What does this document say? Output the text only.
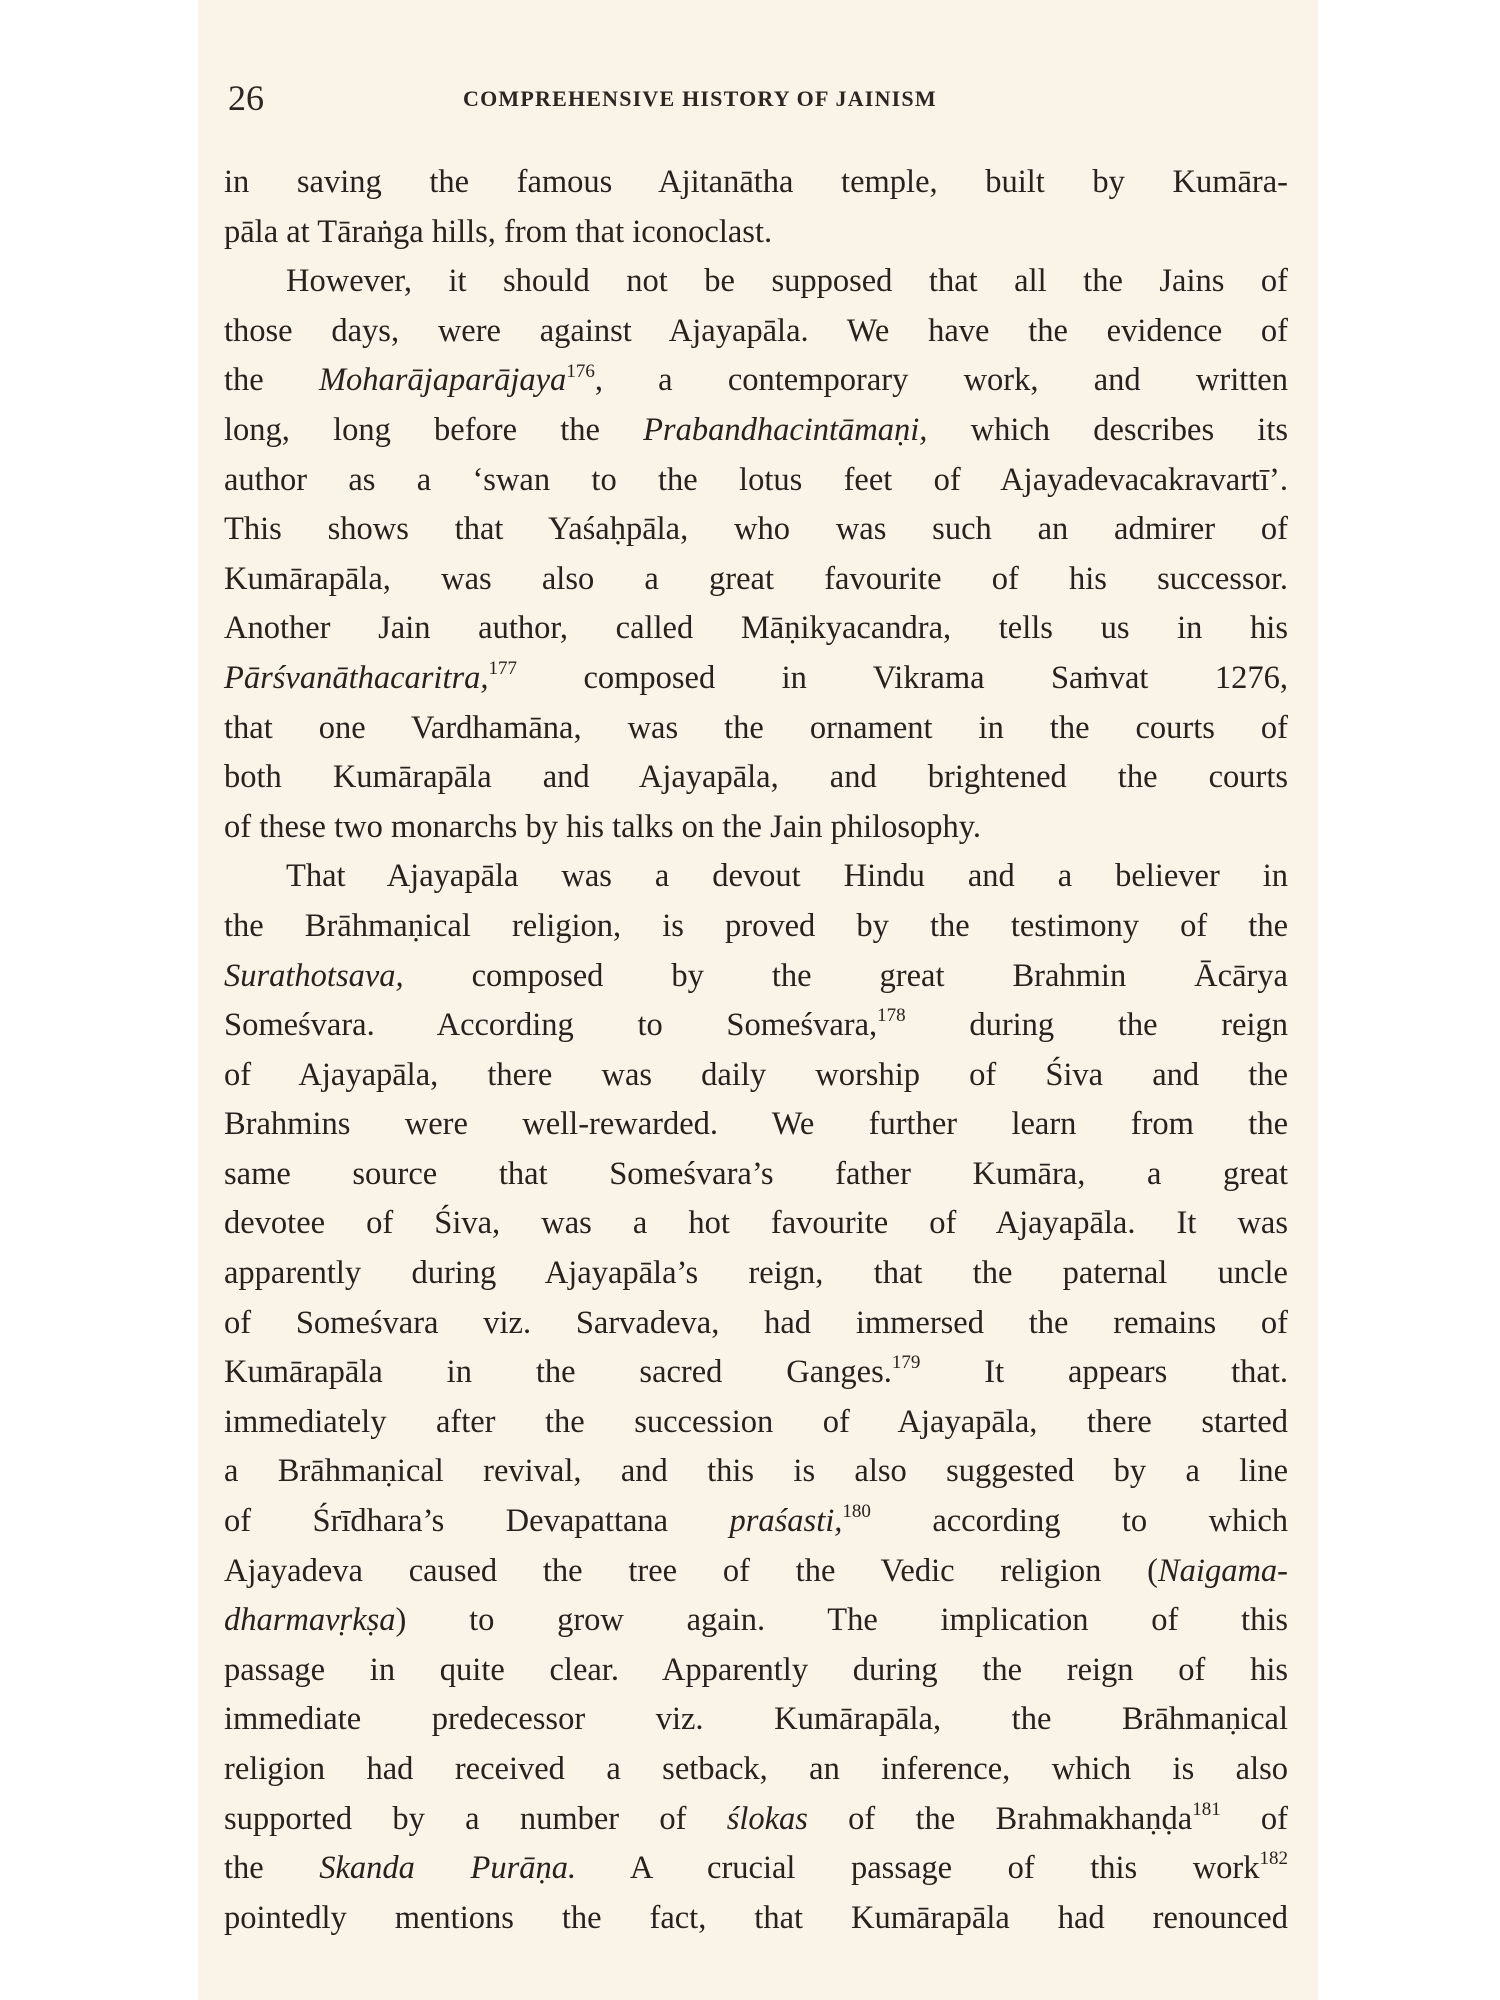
26	COMPREHENSIVE HISTORY OF JAINISM
in saving the famous Ajitanātha temple, built by Kumāra-
pāla at Tāraṅga hills, from that iconoclast.
However, it should not be supposed that all the Jains of
those days, were against Ajayapāla. We have the evidence of
the Moharājaparājaya$^{176}$, a contemporary work, and written
long, long before the Prabandhacintāmaṇi, which describes its
author as a ‘swan to the lotus feet of Ajayadevacakravartī’.
This shows that Yaśaḥpāla, who was such an admirer of
Kumārapāla, was also a great favourite of his successor.
Another Jain author, called Māṇikyacandra, tells us in his
Pārśvanāthacaritra,$^{177}$ composed in Vikrama Saṁvat 1276,
that one Vardhamāna, was the ornament in the courts of
both Kumārapāla and Ajayapāla, and brightened the courts
of these two monarchs by his talks on the Jain philosophy.
That Ajayapāla was a devout Hindu and a believer in
the Brāhmaṇical religion, is proved by the testimony of the
Surathotsava, composed by the great Brahmin Ācārya
Someśvara. According to Someśvara,$^{178}$ during the reign
of Ajayapāla, there was daily worship of Śiva and the
Brahmins were well-rewarded. We further learn from the
same source that Someśvara’s father Kumāra, a great
devotee of Śiva, was a hot favourite of Ajayapāla. It was
apparently during Ajayapāla’s reign, that the paternal uncle
of Someśvara viz. Sarvadeva, had immersed the remains of
Kumārapāla in the sacred Ganges.$^{179}$ It appears that.
immediately after the succession of Ajayapāla, there started
a Brāhmaṇical revival, and this is also suggested by a line
of Śrīdhara’s Devapattana praśasti,$^{180}$ according to which
Ajayadeva caused the tree of the Vedic religion (Naigama-
dharmavṛkṣa) to grow again. The implication of this
passage in quite clear. Apparently during the reign of his
immediate predecessor viz. Kumārapāla, the Brāhmaṇical
religion had received a setback, an inference, which is also
supported by a number of ślokas of the Brahmakhaṇḍa$^{181}$ of
the Skanda Purāṇa. A crucial passage of this work$^{182}$
pointedly mentions the fact, that Kumārapāla had renounced
